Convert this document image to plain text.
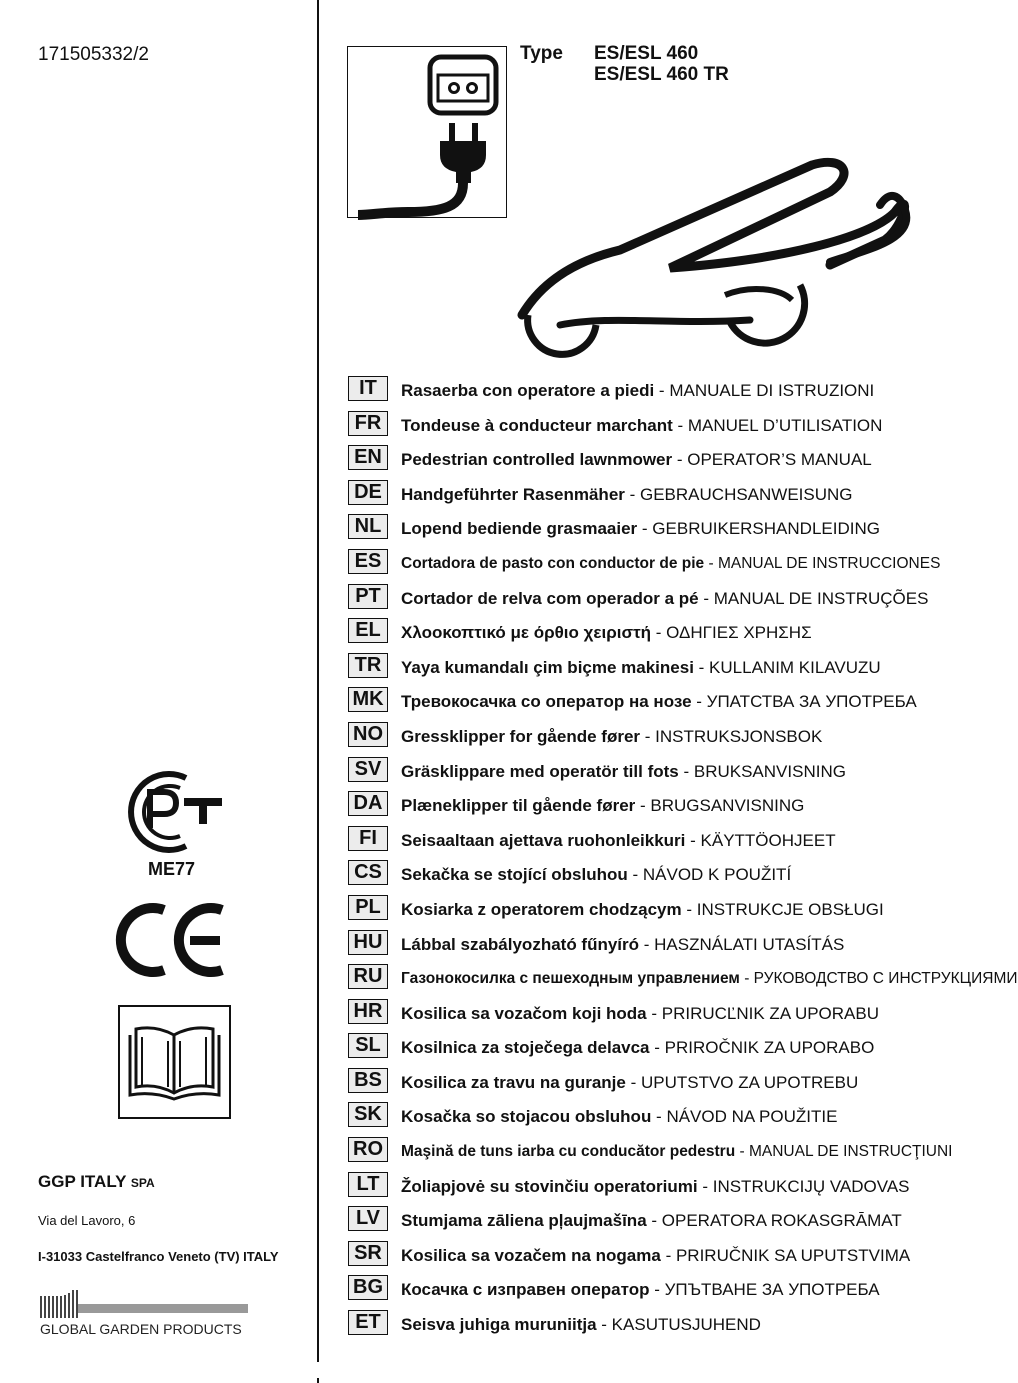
171505332/2	Type ES/ESL 460
ES/ESL 460 TR
IT	Rasaerba con operatore a piedi - MANUALE DI ISTRUZIONI
FR	Tondeuse à conducteur marchant - MANUEL D’UTILISATION
EN	Pedestrian controlled lawnmower - OPERATOR’S MANUAL
DE	Handgeführter Rasenmäher - GEBRAUCHSANWEISUNG
NL	Lopend bediende grasmaaier - GEBRUIKERSHANDLEIDING
ES	Cortadora de pasto con conductor de pie - MANUAL DE INSTRUCCIONES
PT	Cortador de relva com operador a pé - MANUAL DE INSTRUÇÕES
EL	Χλοοκοπτικό με όρθιο χειριστή - ΟΔΗΓΙΕΣ ΧΡΗΣΗΣ
TR	Yaya kumandalı çim biçme makinesi - KULLANIM KILAVUZU
MK Тревокосачка со оператор на нозе - УПАТСТВА ЗА УПОТРЕБА
NO Gressklipper for gående fører - INSTRUKSJONSBOK
SV	Gräsklippare med operatör till fots - BRUKSANVISNING
DA	Plæneklipper til gående fører - BRUGSANVISNING
FI	Seisaaltaan ajettava ruohonleikkuri - KÄYTTÖOHJEET
CS	Sekačka se stojící obsluhou - NÁVOD K POUŽITÍ
PL	Kosiarka z operatorem chodzącym - INSTRUKCJE OBSŁUGI
HU	Lábbal szabályozható fűnyíró - HASZNÁLATI UTASÍTÁS
RU	Газонокосилка с пешеходным управлением - РУКОВОДСТВО С ИНСТРУКЦИЯМИ
HR	Kosilica sa vozačom koji hoda - PRIRUCĽNIK ZA UPORABU
SL	Kosilnica za stoječega delavca - PRIROČNIK ZA UPORABO
BS	Kosilica za travu na guranje - UPUTSTVO ZA UPOTREBU
SK	Kosačka so stojacou obsluhou - NÁVOD NA POUŽITIE
RO	Maşină de tuns iarba cu conducător pedestru - MANUAL DE INSTRUCŢIUNI
LT	Žoliapjovė su stovinčiu operatoriumi - INSTRUKCIJŲ VADOVAS
LV	Stumjama zāliena pļaujmašīna - OPERATORA ROKASGRĀMAT
SR	Kosilica sa vozačem na nogama - PRIRUČNIK SA UPUTSTVIMA
BG Косачка с изправен оператор - УПЪТВАНЕ ЗА УПОТРЕБА
ET	Seisva juhiga muruniitja - KASUTUSJUHEND
ME77
GGP ITALY SPA
Via del Lavoro, 6
I-31033 Castelfranco Veneto (TV) ITALY
GLOBAL GARDEN PRODUCTS
